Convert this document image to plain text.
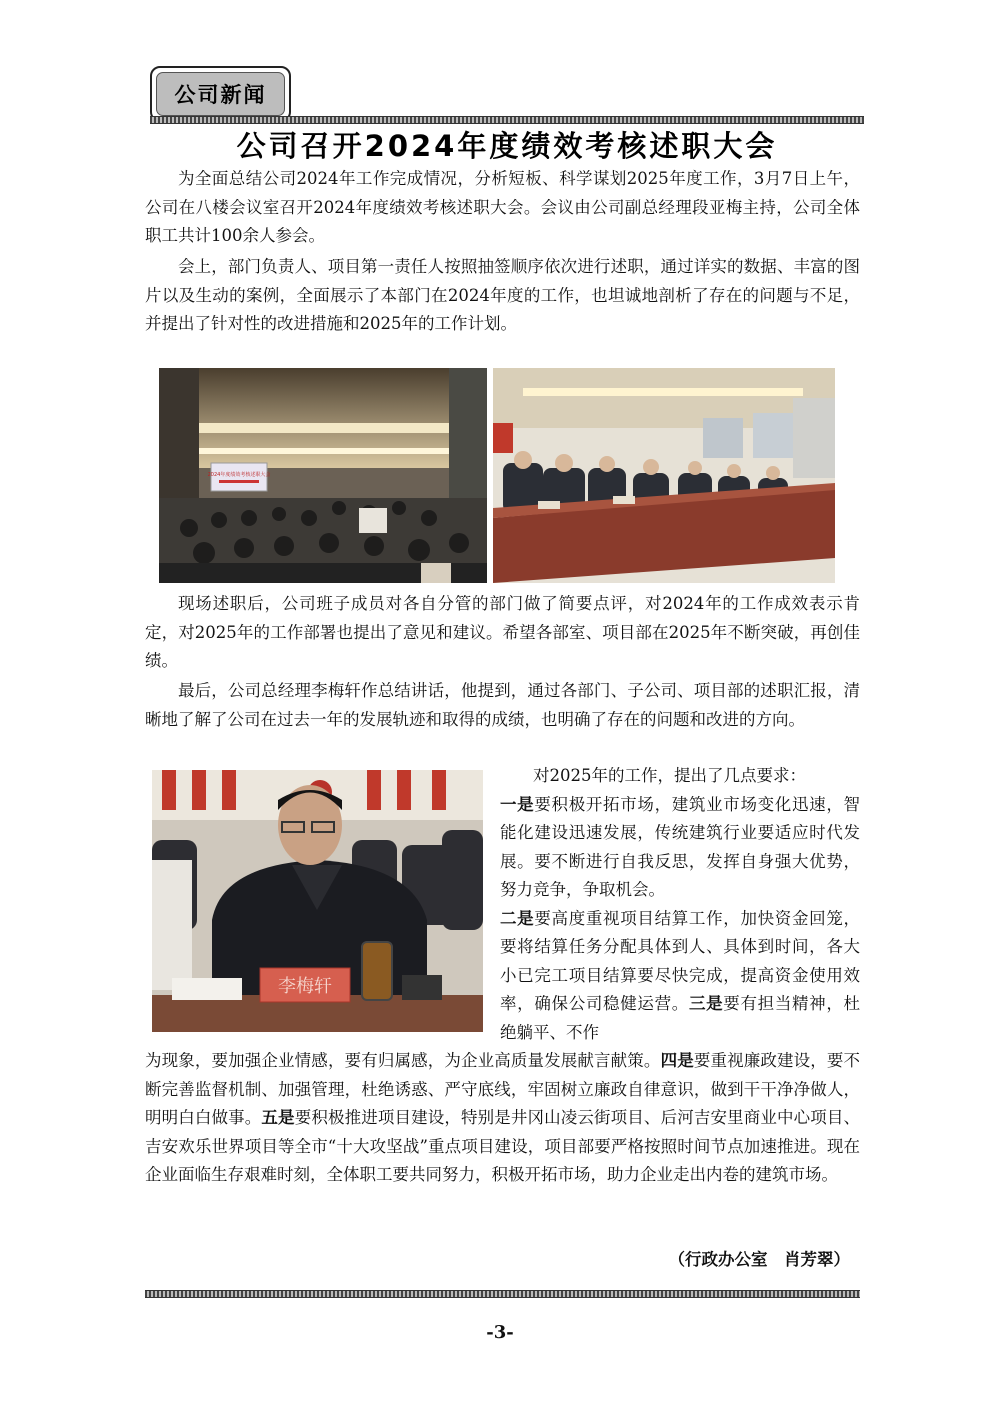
公司新闻
公司召开2024年度绩效考核述职大会

为全面总结公司2024年工作完成情况，分析短板、科学谋划2025年度工作，3月7日上午，公司在八楼会议室召开2024年度绩效考核述职大会。会议由公司副总经理段亚梅主持，公司全体职工共计100余人参会。

会上，部门负责人、项目第一责任人按照抽签顺序依次进行述职，通过详实的数据、丰富的图片以及生动的案例，全面展示了本部门在2024年度的工作，也坦诚地剖析了存在的问题与不足，并提出了针对性的改进措施和2025年的工作计划。

2024年度绩效考核述职大会

现场述职后，公司班子成员对各自分管的部门做了简要点评，对2024年的工作成效表示肯定，对2025年的工作部署也提出了意见和建议。希望各部室、项目部在2025年不断突破，再创佳绩。

最后，公司总经理李梅轩作总结讲话，他提到，通过各部门、子公司、项目部的述职汇报，清晰地了解了公司在过去一年的发展轨迹和取得的成绩，也明确了存在的问题和改进的方向。

李梅轩

对2025年的工作，提出了几点要求：
一是要积极开拓市场，建筑业市场变化迅速，智能化建设迅速发展，传统建筑行业要适应时代发展。要不断进行自我反思，发挥自身强大优势，努力竞争，争取机会。
二是要高度重视项目结算工作，加快资金回笼，要将结算任务分配具体到人、具体到时间，各大小已完工项目结算要尽快完成，提高资金使用效率，确保公司稳健运营。三是要有担当精神，杜绝躺平、不作

为现象，要加强企业情感，要有归属感，为企业高质量发展献言献策。四是要重视廉政建设，要不断完善监督机制、加强管理，杜绝诱惑、严守底线，牢固树立廉政自律意识，做到干干净净做人，明明白白做事。五是要积极推进项目建设，特别是井冈山凌云街项目、后河吉安里商业中心项目、吉安欢乐世界项目等全市“十大攻坚战”重点项目建设，项目部要严格按照时间节点加速推进。现在企业面临生存艰难时刻，全体职工要共同努力，积极开拓市场，助力企业走出内卷的建筑市场。

（行政办公室　肖芳翠）
-3-
